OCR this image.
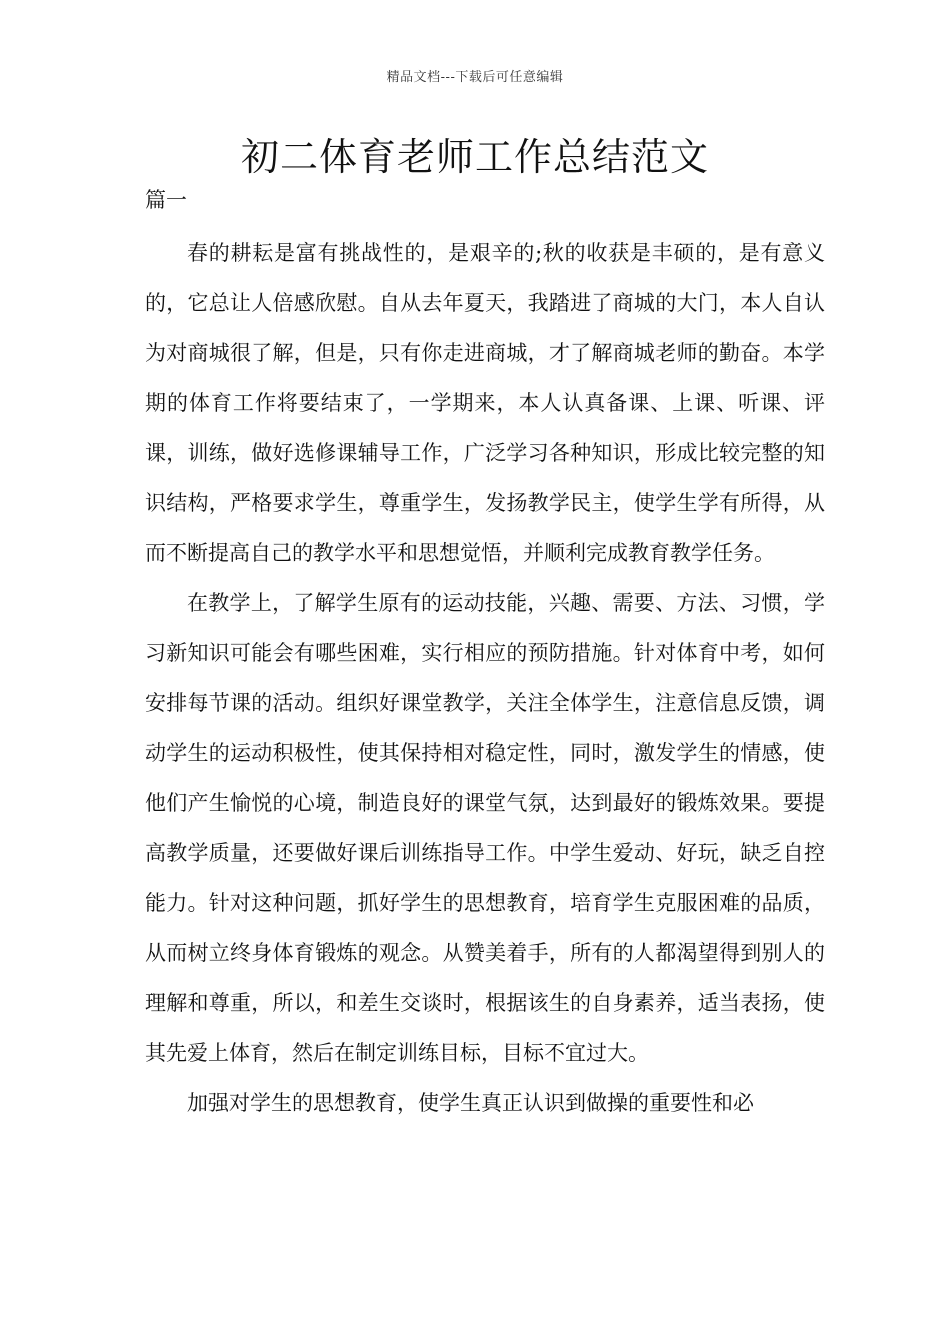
精品文档---下载后可任意编辑
初二体育老师工作总结范文
篇一

春的耕耘是富有挑战性的，是艰辛的;秋的收获是丰硕的，是有意义的，它总让人倍感欣慰。自从去年夏天，我踏进了商城的大门，本人自认为对商城很了解，但是，只有你走进商城，才了解商城老师的勤奋。本学期的体育工作将要结束了，一学期来，本人认真备课、上课、听课、评课，训练，做好选修课辅导工作，广泛学习各种知识，形成比较完整的知识结构，严格要求学生，尊重学生，发扬教学民主，使学生学有所得，从而不断提高自己的教学水平和思想觉悟，并顺利完成教育教学任务。

在教学上，了解学生原有的运动技能，兴趣、需要、方法、习惯，学习新知识可能会有哪些困难，实行相应的预防措施。针对体育中考，如何安排每节课的活动。组织好课堂教学，关注全体学生，注意信息反馈，调动学生的运动积极性，使其保持相对稳定性，同时，激发学生的情感，使他们产生愉悦的心境，制造良好的课堂气氛，达到最好的锻炼效果。要提高教学质量，还要做好课后训练指导工作。中学生爱动、好玩，缺乏自控能力。针对这种问题，抓好学生的思想教育，培育学生克服困难的品质，从而树立终身体育锻炼的观念。从赞美着手，所有的人都渴望得到别人的理解和尊重，所以，和差生交谈时，根据该生的自身素养，适当表扬，使其先爱上体育，然后在制定训练目标，目标不宜过大。

加强对学生的思想教育，使学生真正认识到做操的重要性和必
